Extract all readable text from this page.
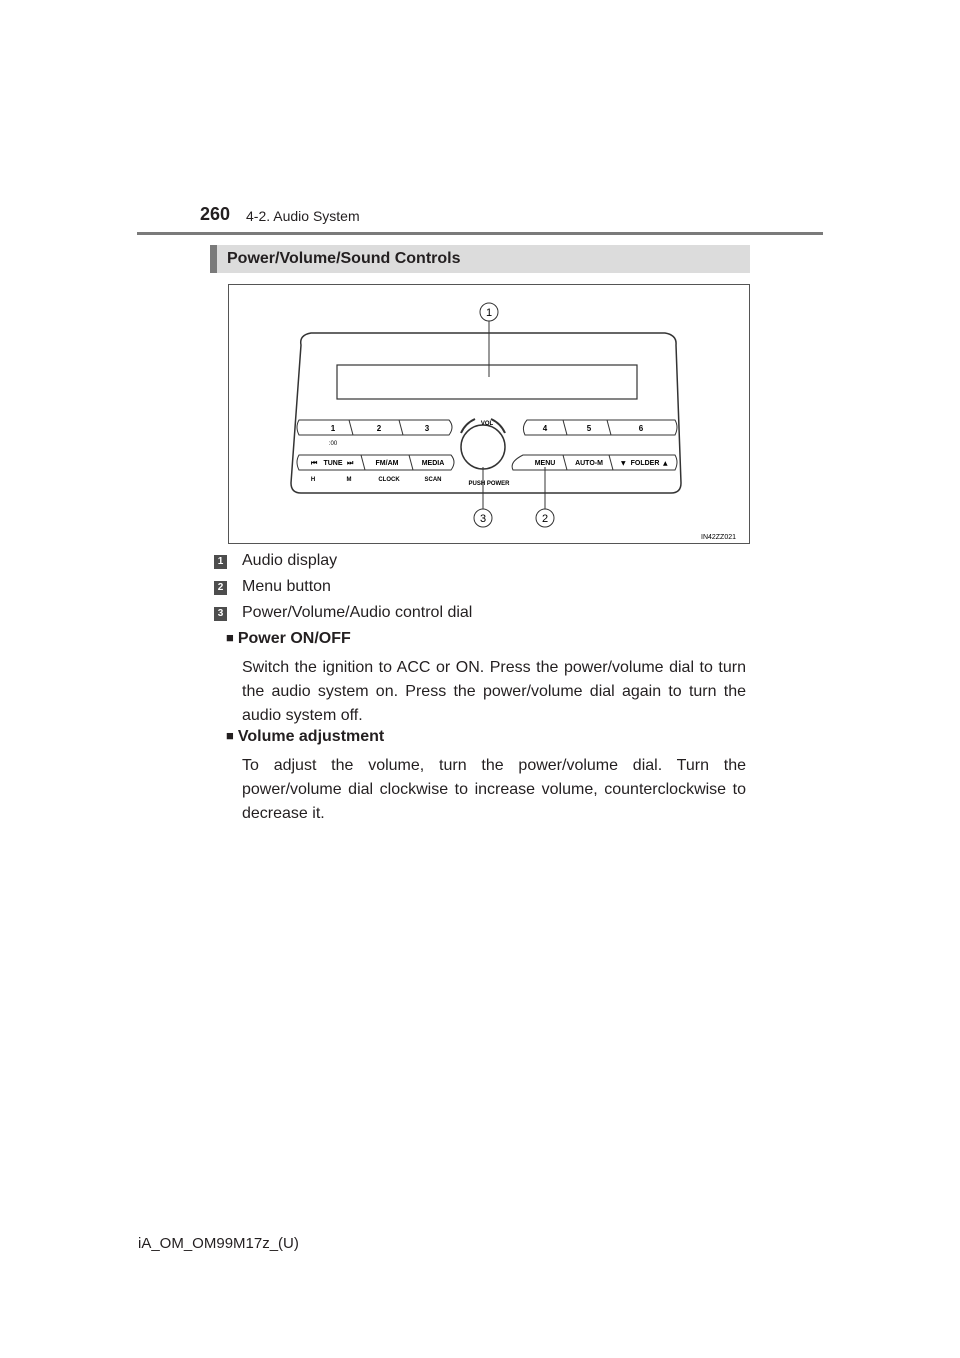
260 4-2. Audio System
Power/Volume/Sound Controls
1	2	3	4	5	6
:00
⏮ TUNE ⏭	FM/AM	MEDIA	MENU	AUTO-M	▼ FOLDER ▲
H	M	CLOCK	SCAN
VOL
PUSH POWER
1
3	2
IN42ZZ021
1 Audio display
2 Menu button
3 Power/Volume/Audio control dial
■ Power ON/OFF
Switch the ignition to ACC or ON. Press the power/volume dial to turn the audio system on. Press the power/volume dial again to turn the audio system off.
■ Volume adjustment
To adjust the volume, turn the power/volume dial. Turn the power/volume dial clockwise to increase volume, counterclockwise to decrease it.
iA_OM_OM99M17z_(U)
